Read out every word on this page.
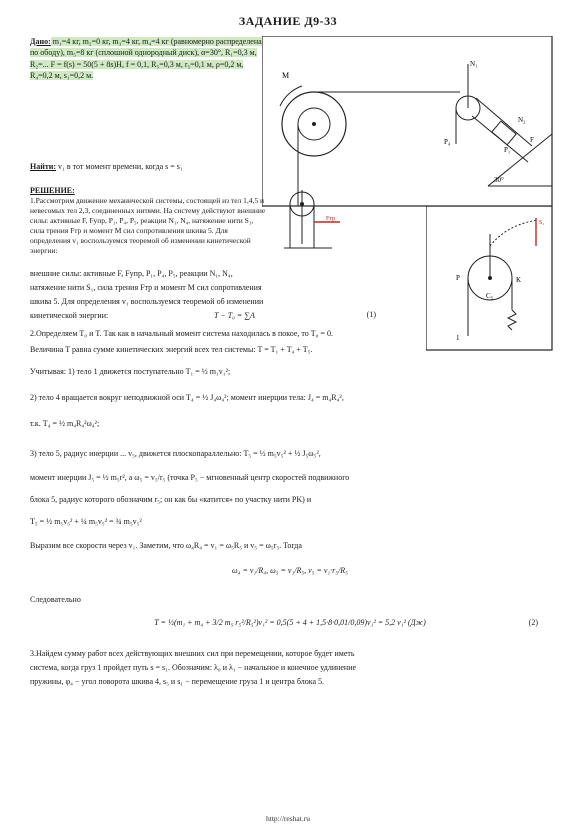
ЗАДАНИЕ Д9-33
Дано: m₁=4 кг, m₂=0 кг, m₃=4 кг, m₄=4 кг (равномерно распределена по ободу), m₅=8 кг (сплошной однородный диск), α=30°, R₁=0,3 м, R₂=... F = f(s) = 50(5 + 8s)Н, f = 0,1, R₅=0,3 м, r₅=0,1 м, ρ=0,2 м, R₄=0,2 м, s₁=0,2 м.
Найти: v₁ в тот момент времени, когда s = s₁
РЕШЕНИЕ:
1.Рассмотрим движение механической системы, состоящей из тел 1,4,5 и невесомых тел 2,3, соединенных нитями. На систему действуют внешние силы: активные F, Fупр, P₁, P₄, P₅, реакции N₁, N₄, натяжение нити S₁, сила трения Fтр и момент M сил сопротивления шкива 5. Для определения v₁ воспользуемся теоремой об изменении кинетической энергии:
M
N₁
P₄
N₂
F
P₁
30°
Fтр
S₁
P	K
C₅
1
внешние силы: активные F, Fупр, P₁, P₄, P₅, реакции N₁, N₄,
натяжение нити S₁, сила трения Fтр и момент M сил сопротивления
шкива 5. Для определения v₁ воспользуемся теоремой об изменении
кинетической энергии:	T − T₀ = ∑A	(1)
2.Определяем T₀ и T. Так как в начальный момент система находилась в покое, то T₀ = 0.
Величина T равна сумме кинетических энергий всех тел системы: T = T₁ + T₄ + T₅.
Учитывая: 1) тело 1 движется поступательно T₁ = ½ m₁v₁²;
2) тело 4 вращается вокруг неподвижной оси T₄ = ½ J₄ω₄²; момент инерции тела: J₄ = m₄R₄²,
т.к. T₄ = ½ m₄R₄²ω₄²;
3) тело 5, радиус инерции ... v₅, движется плоскопараллельно: T₅ = ½ m₅v₅² + ½ J₅ω₅²,
момент инерции J₅ = ½ m₅r², а ω₅ = v₅/r₅ (точка P₅ − мгновенный центр скоростей подвижного
блока 5, радиус которого обозначим r₅; он как бы «катится» по участку нити PK) и
T₅ = ½ m₅v₅² + ¼ m₅v₅² = ¾ m₅v₅²
Выразим все скорости через v₁. Заметим, что ω₄R₄ = v₁ = ω₅R₅ и v₅ = ω₅r₅. Тогда
ω₄ = v₁/R₄, ω₅ = v₁/R₅, v₅ = v₁·r₅/R₅
Следовательно
T = ½(m₁ + m₄ + 3/2 m₅ r₅²/R₅²)v₁² = 0,5(5 + 4 + 1,5·8·0,01/0,09)v₁² = 5,2 v₁² (Дж)	(2)
3.Найдем сумму работ всех действующих внешних сил при перемещении, которое будет иметь
система, когда груз 1 пройдет путь s = s₁. Обозначим: λ₀ и λ₁ − начальное и конечное удлинение
пружины, φ₄ − угол поворота шкива 4, s₅ и s₁ − перемещение груза 1 и центра блока 5.
http://reshat.ru
